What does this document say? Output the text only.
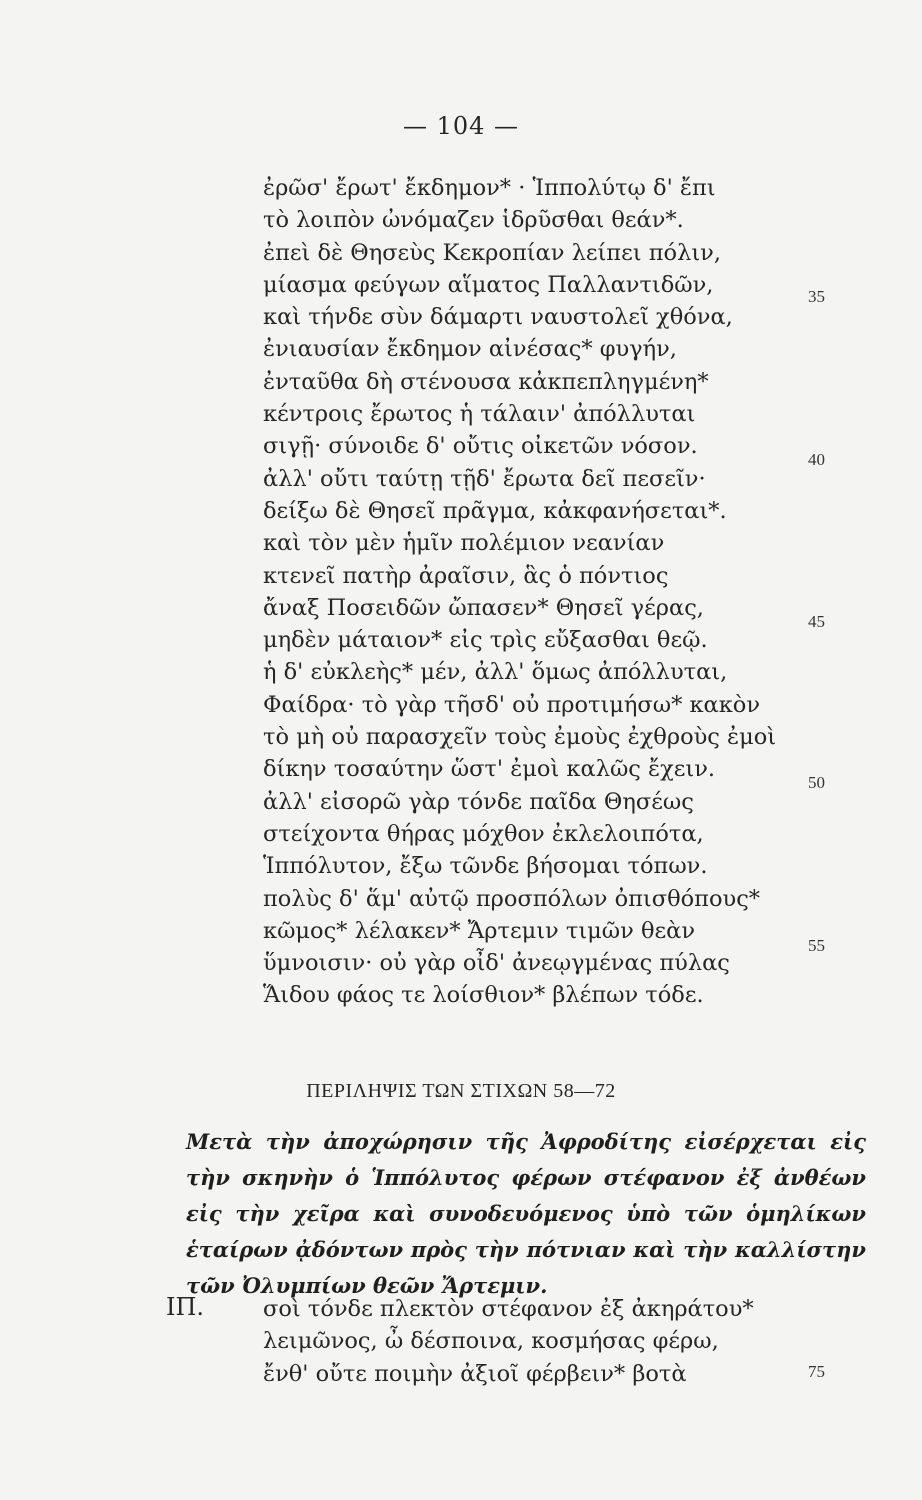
— 104 —
ἐρῶσ' ἔρωτ' ἔκδημον* · Ἱππολύτῳ δ' ἔπι
τὸ λοιπὸν ὠνόμαζεν ἱδρῦσθαι θεάν*.
ἐπεὶ δὲ Θησεὺς Κεκροπίαν λείπει πόλιν,
μίασμα φεύγων αἵματος Παλλαντιδῶν,
καὶ τήνδε σὺν δάμαρτι ναυστολεῖ χθόνα,
ἐνιαυσίαν ἔκδημον αἰνέσας* φυγήν,
ἐνταῦθα δὴ στένουσα κἀκπεπληγμένη*
κέντροις ἔρωτος ἡ τάλαιν' ἀπόλλυται
σιγῇ· σύνοιδε δ' οὔτις οἰκετῶν νόσον.
ἀλλ' οὔτι ταύτῃ τῇδ' ἔρωτα δεῖ πεσεῖν·
δείξω δὲ Θησεῖ πρᾶγμα, κἀκφανήσεται*.
καὶ τὸν μὲν ἡμῖν πολέμιον νεανίαν
κτενεῖ πατὴρ ἀραῖσιν, ἃς ὁ πόντιος
ἄναξ Ποσειδῶν ὤπασεν* Θησεῖ γέρας,
μηδὲν μάταιον* εἰς τρὶς εὔξασθαι θεῷ.
ἡ δ' εὐκλεὴς* μέν, ἀλλ' ὅμως ἀπόλλυται,
Φαίδρα· τὸ γὰρ τῆσδ' οὐ προτιμήσω* κακὸν
τὸ μὴ οὐ παρασχεῖν τοὺς ἐμοὺς ἐχθροὺς ἐμοὶ
δίκην τοσαύτην ὥστ' ἐμοὶ καλῶς ἔχειν.
ἀλλ' εἰσορῶ γὰρ τόνδε παῖδα Θησέως
στείχοντα θήρας μόχθον ἐκλελοιπότα,
Ἱππόλυτον, ἔξω τῶνδε βήσομαι τόπων.
πολὺς δ' ἅμ' αὐτῷ προσπόλων ὀπισθόπους*
κῶμος* λέλακεν* Ἄρτεμιν τιμῶν θεὰν
ὕμνοισιν· οὐ γὰρ οἶδ' ἀνεῳγμένας πύλας
Ἅιδου φάος τε λοίσθιον* βλέπων τόδε.
35
40
45
50
55
ΠΕΡΙΛΗΨΙΣ ΤΩΝ ΣΤΙΧΩΝ 58—72
Μετὰ τὴν ἀποχώρησιν τῆς Ἀφροδίτης εἰσέρχεται εἰς τὴν σκηνὴν ὁ Ἱππόλυτος φέρων στέφανον ἐξ ἀνθέων εἰς τὴν χεῖρα καὶ συνοδευόμενος ὑπὸ τῶν ὁμηλίκων ἑταίρων ᾀδόντων πρὸς τὴν πότνιαν καὶ τὴν καλλίστην τῶν Ὀλυμπίων θεῶν Ἄρτεμιν.
ΙΠ.	σοὶ τόνδε πλεκτὸν στέφανον ἐξ ἀκηράτου*
λειμῶνος, ὦ δέσποινα, κοσμήσας φέρω,
ἔνθ' οὔτε ποιμὴν ἀξιοῖ φέρβειν* βοτὰ	75
